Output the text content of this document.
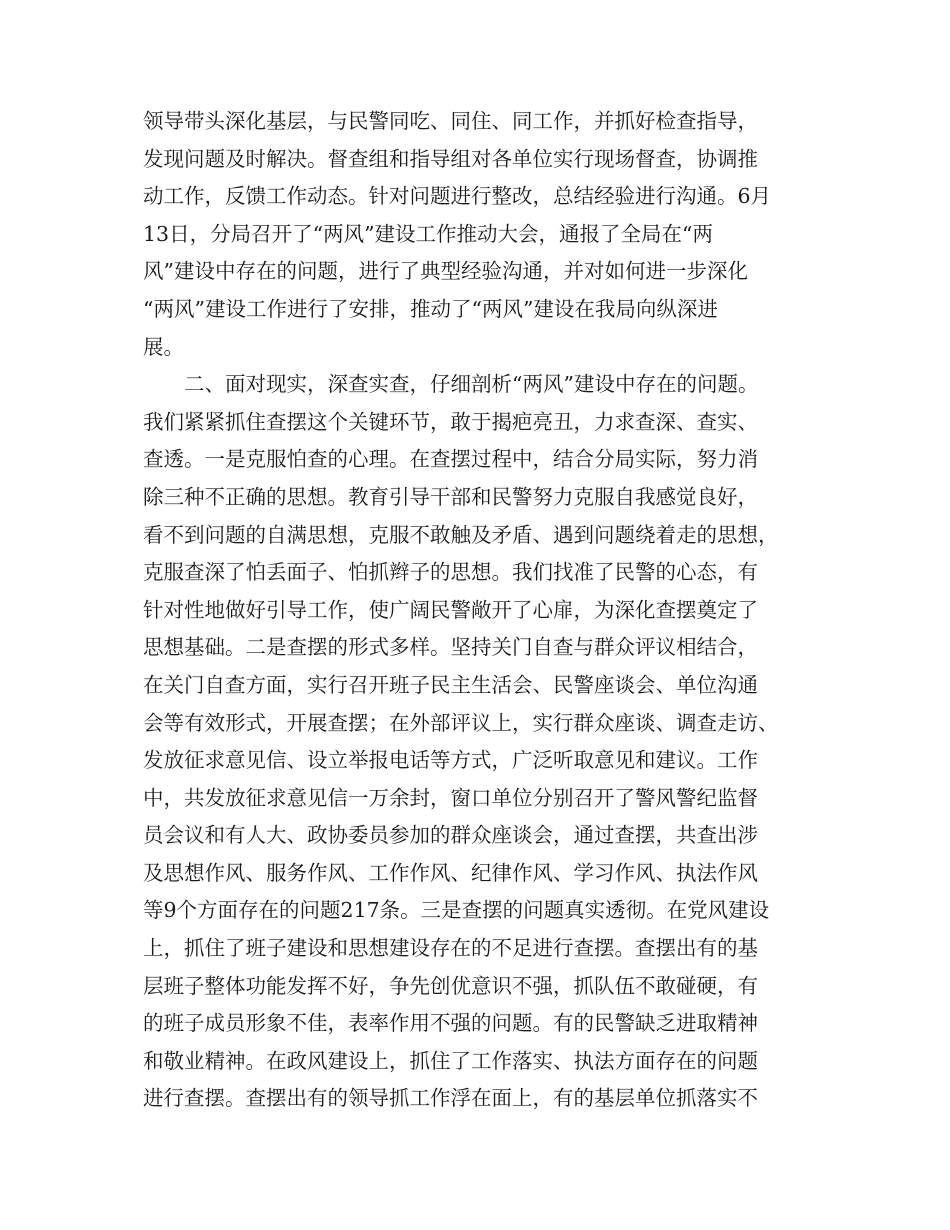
领导带头深化基层，与民警同吃、同住、同工作，并抓好检查指导，
发现问题及时解决。督查组和指导组对各单位实行现场督查，协调推
动工作，反馈工作动态。针对问题进行整改，总结经验进行沟通。6月
13日，分局召开了“两风”建设工作推动大会，通报了全局在“两
风”建设中存在的问题，进行了典型经验沟通，并对如何进一步深化
“两风”建设工作进行了安排，推动了“两风”建设在我局向纵深进
展。
　　二、面对现实，深查实查，仔细剖析“两风”建设中存在的问题。
我们紧紧抓住查摆这个关键环节，敢于揭疤亮丑，力求查深、查实、
查透。一是克服怕查的心理。在查摆过程中，结合分局实际，努力消
除三种不正确的思想。教育引导干部和民警努力克服自我感觉良好，
看不到问题的自满思想，克服不敢触及矛盾、遇到问题绕着走的思想，
克服查深了怕丢面子、怕抓辫子的思想。我们找准了民警的心态，有
针对性地做好引导工作，使广阔民警敞开了心扉，为深化查摆奠定了
思想基础。二是查摆的形式多样。坚持关门自查与群众评议相结合，
在关门自查方面，实行召开班子民主生活会、民警座谈会、单位沟通
会等有效形式，开展查摆；在外部评议上，实行群众座谈、调查走访、
发放征求意见信、设立举报电话等方式，广泛听取意见和建议。工作
中，共发放征求意见信一万余封，窗口单位分别召开了警风警纪监督
员会议和有人大、政协委员参加的群众座谈会，通过查摆，共查出涉
及思想作风、服务作风、工作作风、纪律作风、学习作风、执法作风
等9个方面存在的问题217条。三是查摆的问题真实透彻。在党风建设
上，抓住了班子建设和思想建设存在的不足进行查摆。查摆出有的基
层班子整体功能发挥不好，争先创优意识不强，抓队伍不敢碰硬，有
的班子成员形象不佳，表率作用不强的问题。有的民警缺乏进取精神
和敬业精神。在政风建设上，抓住了工作落实、执法方面存在的问题
进行查摆。查摆出有的领导抓工作浮在面上，有的基层单位抓落实不
